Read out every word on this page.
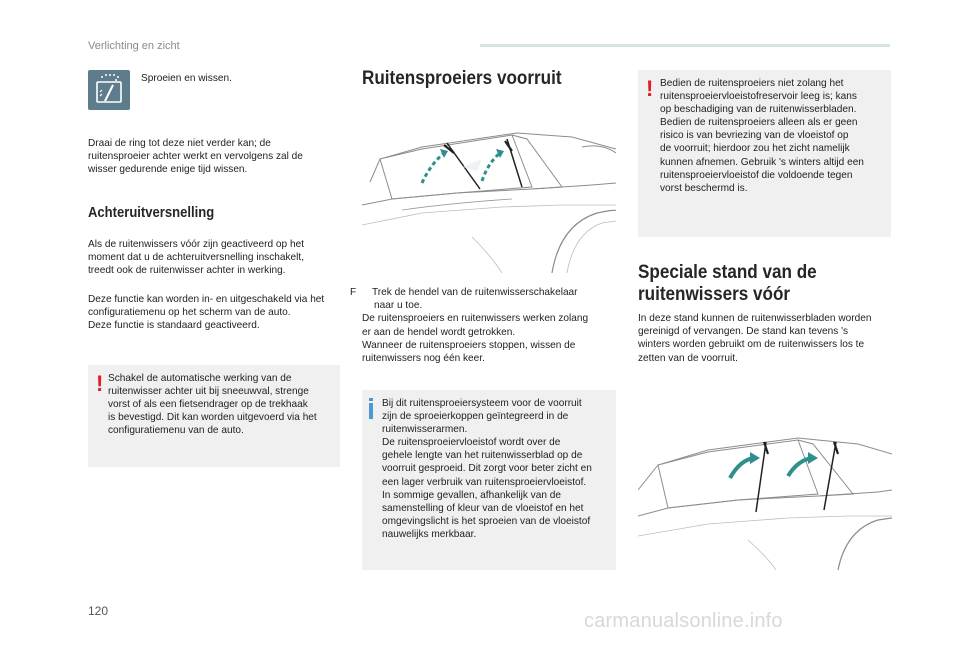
Verlichting en zicht
Sproeien en wissen.
Draai de ring tot deze niet verder kan; de
ruitensproeier achter werkt en vervolgens zal de
wisser gedurende enige tijd wissen.
Achteruitversnelling
Als de ruitenwissers vóór zijn geactiveerd op het
moment dat u de achteruitversnelling inschakelt,
treedt ook de ruitenwisser achter in werking.
Deze functie kan worden in- en uitgeschakeld via het
configuratiemenu op het scherm van de auto.
Deze functie is standaard geactiveerd.
! Schakel de automatische werking van de
ruitenwisser achter uit bij sneeuwval, strenge
vorst of als een fietsendrager op de trekhaak
is bevestigd. Dit kan worden uitgevoerd via het
configuratiemenu van de auto.
Ruitensproeiers voorruit
F Trek de hendel van de ruitenwisserschakelaar
naar u toe.
De ruitensproeiers en ruitenwissers werken zolang
er aan de hendel wordt getrokken.
Wanneer de ruitensproeiers stoppen, wissen de
ruitenwissers nog één keer.
Bij dit ruitensproeiersysteem voor de voorruit
zijn de sproeierkoppen geïntegreerd in de
ruitenwisserarmen.
De ruitensproeiervloeistof wordt over de
gehele lengte van het ruitenwisserblad op de
voorruit gesproeid. Dit zorgt voor beter zicht en
een lager verbruik van ruitensproeiervloeistof.
In sommige gevallen, afhankelijk van de
samenstelling of kleur van de vloeistof en het
omgevingslicht is het sproeien van de vloeistof
nauwelijks merkbaar.
! Bedien de ruitensproeiers niet zolang het
ruitensproeiervloeistofreservoir leeg is; kans
op beschadiging van de ruitenwisserbladen.
Bedien de ruitensproeiers alleen als er geen
risico is van bevriezing van de vloeistof op
de voorruit; hierdoor zou het zicht namelijk
kunnen afnemen. Gebruik 's winters altijd een
ruitensproeiervloeistof die voldoende tegen
vorst beschermd is.
Speciale stand van de
ruitenwissers vóór
In deze stand kunnen de ruitenwisserbladen worden
gereinigd of vervangen. De stand kan tevens 's
winters worden gebruikt om de ruitenwissers los te
zetten van de voorruit.
120	carmanualsonline.info
